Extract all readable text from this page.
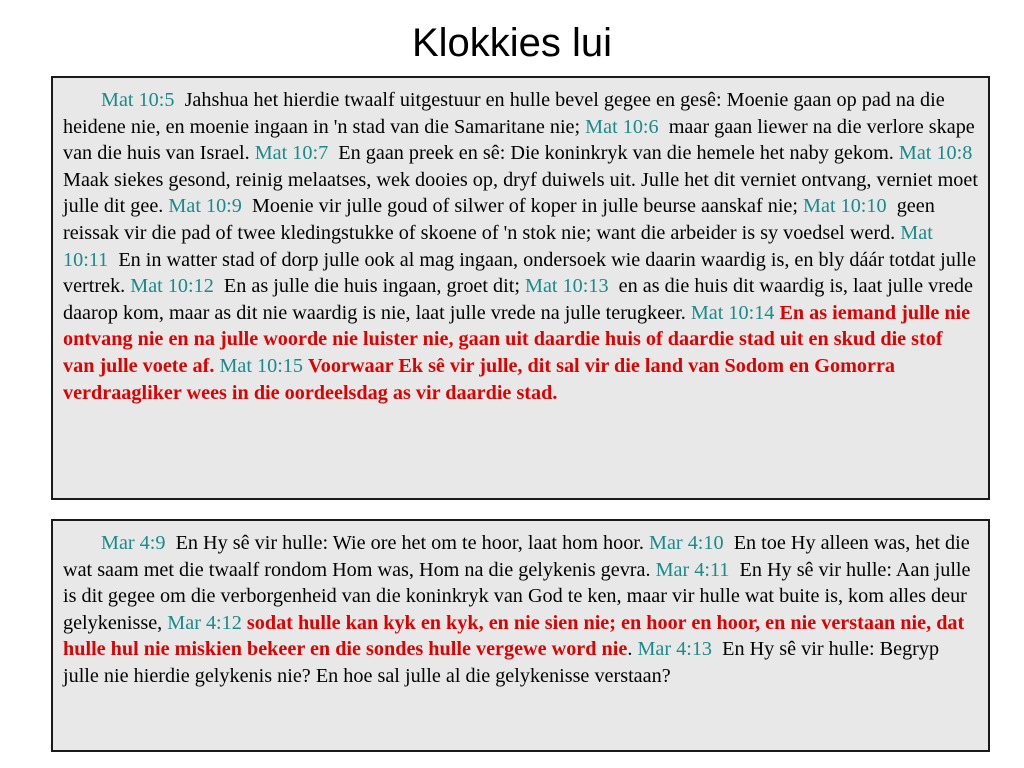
Klokkies lui
Mat 10:5 Jahshua het hierdie twaalf uitgestuur en hulle bevel gegee en gesê: Moenie gaan op pad na die heidene nie, en moenie ingaan in 'n stad van die Samaritane nie; Mat 10:6 maar gaan liewer na die verlore skape van die huis van Israel. Mat 10:7 En gaan preek en sê: Die koninkryk van die hemele het naby gekom. Mat 10:8  Maak siekes gesond, reinig melaatses, wek dooies op, dryf duiwels uit. Julle het dit verniet ontvang, verniet moet julle dit gee. Mat 10:9 Moenie vir julle goud of silwer of koper in julle beurse aanskaf nie; Mat 10:10 geen reissak vir die pad of twee kledingstukke of skoene of 'n stok nie; want die arbeider is sy voedsel werd. Mat 10:11 En in watter stad of dorp julle ook al mag ingaan, ondersoek wie daarin waardig is, en bly dáár totdat julle vertrek. Mat 10:12 En as julle die huis ingaan, groet dit; Mat 10:13 en as die huis dit waardig is, laat julle vrede daarop kom, maar as dit nie waardig is nie, laat julle vrede na julle terugkeer. Mat 10:14 En as iemand julle nie ontvang nie en na julle woorde nie luister nie, gaan uit daardie huis of daardie stad uit en skud die stof van julle voete af. Mat 10:15 Voorwaar Ek sê vir julle, dit sal vir die land van Sodom en Gomorra verdraagliker wees in die oordeelsdag as vir daardie stad.
Mar 4:9 En Hy sê vir hulle: Wie ore het om te hoor, laat hom hoor. Mar 4:10 En toe Hy alleen was, het die wat saam met die twaalf rondom Hom was, Hom na die gelykenis gevra. Mar 4:11 En Hy sê vir hulle: Aan julle is dit gegee om die verborgenheid van die koninkryk van God te ken, maar vir hulle wat buite is, kom alles deur gelykenisse, Mar 4:12 sodat hulle kan kyk en kyk, en nie sien nie; en hoor en hoor, en nie verstaan nie, dat hulle hul nie miskien bekeer en die sondes hulle vergewe word nie. Mar 4:13 En Hy sê vir hulle: Begryp julle nie hierdie gelykenis nie? En hoe sal julle al die gelykenisse verstaan?
